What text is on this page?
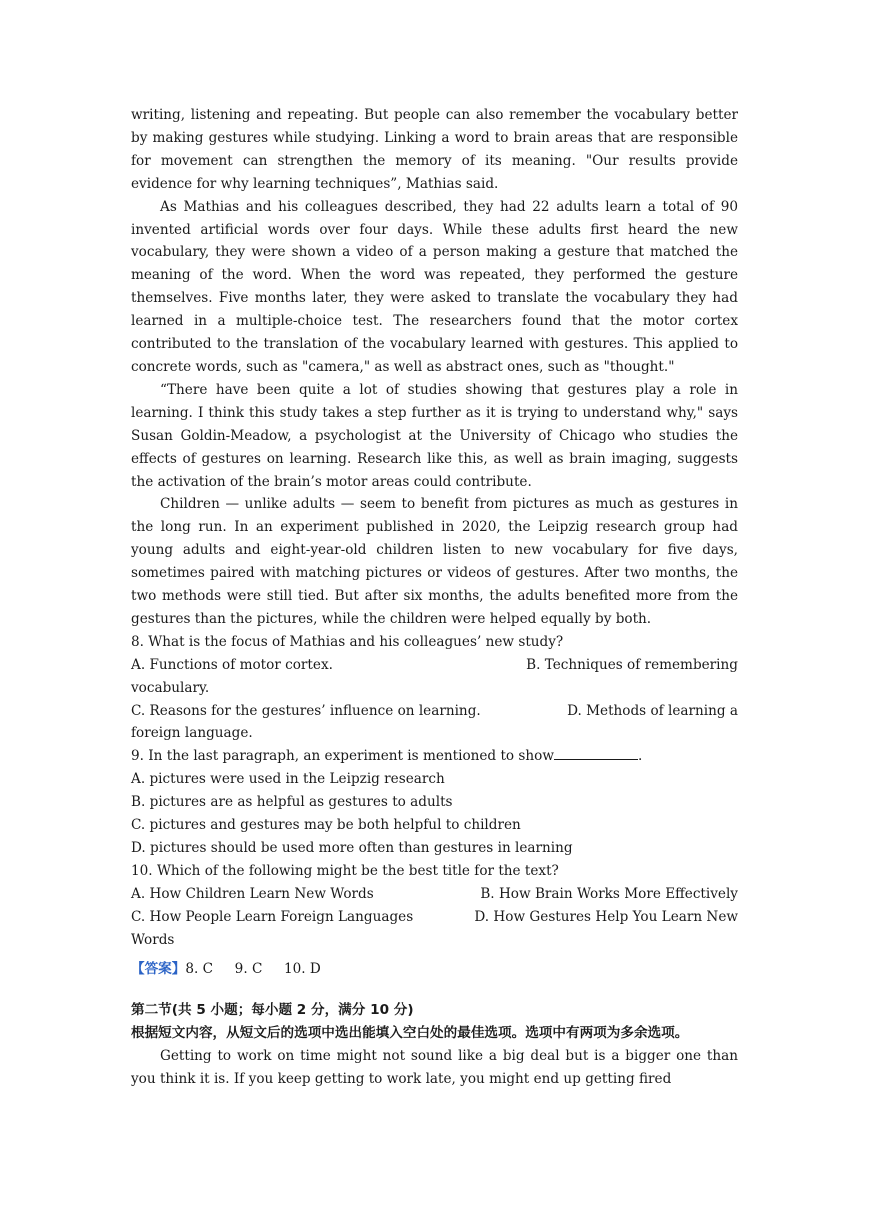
writing, listening and repeating. But people can also remember the vocabulary better by making gestures while studying. Linking a word to brain areas that are responsible for movement can strengthen the memory of its meaning. "Our results provide evidence for why learning techniques”, Mathias said.

As Mathias and his colleagues described, they had 22 adults learn a total of 90 invented artificial words over four days. While these adults first heard the new vocabulary, they were shown a video of a person making a gesture that matched the meaning of the word. When the word was repeated, they performed the gesture themselves. Five months later, they were asked to translate the vocabulary they had learned in a multiple-choice test. The researchers found that the motor cortex contributed to the translation of the vocabulary learned with gestures. This applied to concrete words, such as "camera," as well as abstract ones, such as "thought."

“There have been quite a lot of studies showing that gestures play a role in learning. I think this study takes a step further as it is trying to understand why," says Susan Goldin-Meadow, a psychologist at the University of Chicago who studies the effects of gestures on learning. Research like this, as well as brain imaging, suggests the activation of the brain’s motor areas could contribute.

Children — unlike adults — seem to benefit from pictures as much as gestures in the long run. In an experiment published in 2020, the Leipzig research group had young adults and eight-year-old children listen to new vocabulary for five days, sometimes paired with matching pictures or videos of gestures. After two months, the two methods were still tied. But after six months, the adults benefited more from the gestures than the pictures, while the children were helped equally by both.

8. What is the focus of Mathias and his colleagues’ new study?

A. Functions of motor cortex.	B. Techniques of remembering

vocabulary.

C. Reasons for the gestures’ influence on learning.	D. Methods of learning a

foreign language.

9. In the last paragraph, an experiment is mentioned to show	.

A. pictures were used in the Leipzig research

B. pictures are as helpful as gestures to adults

C. pictures and gestures may be both helpful to children

D. pictures should be used more often than gestures in learning

10. Which of the following might be the best title for the text?

A. How Children Learn New Words	B. How Brain Works More Effectively
C. How People Learn Foreign Languages	D. How Gestures Help You Learn New

Words

【答案】8. C     9. C     10. D

第二节(共 5 小题；每小题 2 分，满分 10 分)

根据短文内容，从短文后的选项中选出能填入空白处的最佳选项。选项中有两项为多余选项。

Getting to work on time might not sound like a big deal but is a bigger one than you think it is. If you keep getting to work late, you might end up getting fired
